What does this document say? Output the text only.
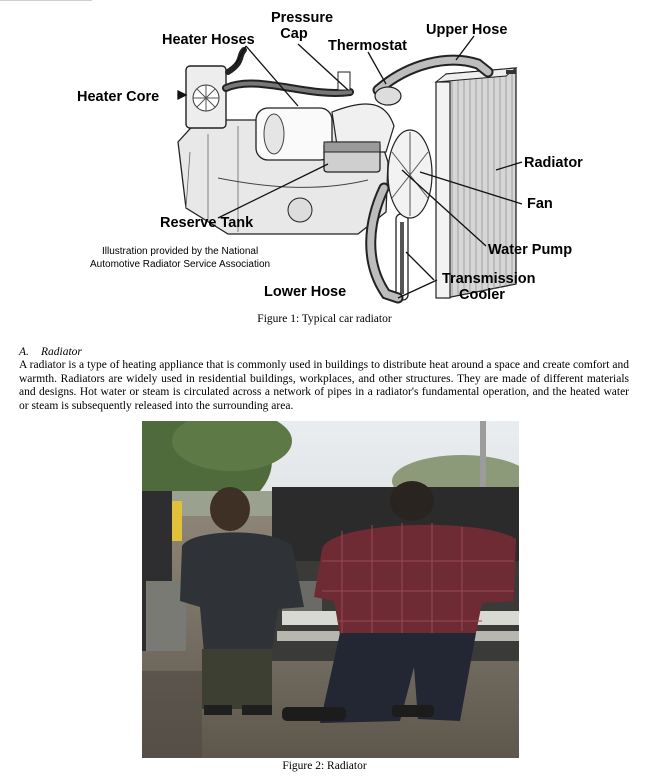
Pressure
Cap
Heater Hoses	Thermostat
Upper Hose
Heater Core
Radiator
Fan
Reserve Tank
Water Pump
Transmission
Cooler
Lower Hose
Illustration provided by the National
Automotive Radiator Service Association
Figure 1: Typical car radiator
A. Radiator

A radiator is a type of heating appliance that is commonly used in buildings to distribute heat around a space and create comfort and warmth. Radiators are widely used in residential buildings, workplaces, and other structures. They are made of different materials and designs. Hot water or steam is circulated across a network of pipes in a radiator's fundamental operation, and the heated water or steam is subsequently released into the surrounding area.

Figure 2: Radiator
